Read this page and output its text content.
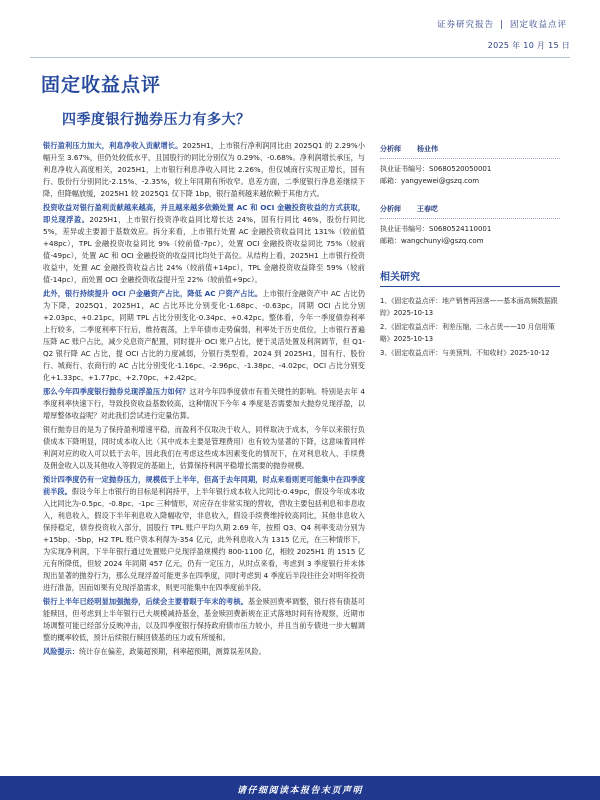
证券研究报告 | 固定收益点评
2025 年 10 月 15 日
固定收益点评
四季度银行抛券压力有多大？

银行盈利压力加大，利息净收入贡献增长。2025H1，上市银行净利润同比由 2025Q1 的 2.29%小幅升至 3.67%，但仍处较低水平，且国股行的同比分别仅为 0.29%、-0.68%。净利润增长承压，与利息净收入高度相关，2025H1，上市银行利息净收入同比 2.26%，但仅城商行实现正增长，国有行、股份行分别同比-2.15%、-2.35%，较上年同期有所收窄。息差方面，二季度银行净息差继续下降，但降幅放缓，2025H1 较 2025Q1 仅下降 1bp，银行盈利越来越依赖于其他方式。

投资收益对银行盈利贡献越来越高，并且越来越多依赖处置 AC 和 OCI 金融投资收益的方式获取，即兑现浮盈。2025H1，上市银行投资净收益同比增长达 24%，国有行同比 46%，股份行同比 5%，差异或主要源于基数效应。拆分来看，上市银行处置 AC 金融投资收益同比 131%（较前值+48pc），TPL 金融投资收益同比 9%（较前值-7pc），处置 OCI 金融投资收益同比 75%（较前值-49pc），处置 AC 和 OCI 金融投资的收益同比均处于高位。从结构上看，2025H1 上市银行投资收益中，处置 AC 金融投资收益占比 24%（较前值+14pc），TPL 金融投资收益降至 59%（较前值-14pc），而处置 OCI 金融投资收益提升至 22%（较前值+9pc）。

此外，银行持续提升 OCI 户金融资产占比，降低 AC 户资产占比。上市银行金融资产中 AC 占比仍为下降，2025Q1、2025H1，AC 占比环比分别变化-1.68pc、-0.63pc，同期 OCI 占比分别+2.03pc、+0.21pc，同期 TPL 占比分别变化-0.34pc、+0.42pc。整体看，今年一季度债券利率上行较多，二季度利率下行后，维持震荡，上半年债市走势偏弱，利率处于历史低位，上市银行普遍压降 AC 账户占比，减少兑息资产配置，同时提升 OCI 账户占比，便于灵活处置及利润调节，但 Q1-Q2 银行降 AC 占比，提 OCI 占比的力度减弱，分银行类型看，2024 到 2025H1，国有行、股份行、城商行、农商行的 AC 占比分别变化-1.16pc、-2.96pc、-1.38pc、-4.02pc，OCI 占比分别变化+1.33pc、+1.77pc、+2.70pc、+2.42pc。

那么今年四季度银行抛券兑现浮盈压力如何？这对今年四季度债市有着关键性的影响。特别是去年 4 季度利率快速下行，导致投资收益基数较高，这种情况下今年 4 季度是否需要加大抛券兑现浮盈，以增厚整体收益呢？对此我们尝试进行定量估算。

银行抛券目的是为了保持盈利增速平稳，而盈利不仅取决于收入，同样取决于成本，今年以来银行负债成本下降明显，同时成本收入比（其中成本主要是管理费用）也有较为显著的下降，这意味着同样利润对应的收入可以低于去年，因此我们在考虑这些成本因素变化的情况下，在对利息收入、手续费及佣金收入以及其他收入等假定的基础上，估算保持利润平稳增长需要的抛券规模。

预计四季度仍有一定抛券压力，规模低于上半年，但高于去年同期，时点来看则更可能集中在四季度前半段。假设今年上市银行的目标是利润持平，上半年银行成本收入比同比-0.49pc，假设今年成本收入比同比为-0.5pc、-0.8pc、-1pc 三种情形，对应存在非常实现的营收，营收主要包括利息和非息收入，利息收入，假设下半年利息收入降幅收窄，非息收入，假设手续费维持较高同比，其他非息收入保持稳定，债券投资收入部分，国股行 TPL 账户平均久期 2.69 年，按照 Q3、Q4 利率变动分别为+15bp、-5bp，H2 TPL 账户资本利得为-354 亿元，此外利息收入为 1315 亿元，在三种情形下，为实现净利润，下半年银行通过处置账户兑现浮盈规模约 800-1100 亿，相较 2025H1 的 1515 亿元有所降低，但较 2024 年同期 457 亿元，仍有一定压力，从时点来看，考虑到 3 季度银行并未体现出显著的抛券行为，那么兑现浮盈可能更多在四季度，同时考虑到 4 季度后半段往往会对明年投资进行准备，因而如果有兑现浮盈需求，则更可能集中在四季度前半段。

银行上半年已经明显加强抛券，后续会主要着眼于年末的考核。基金赎回费率调整，银行将有债基可能赎回，但考虑到上半年银行已大规模减持基金，基金赎回费新规在正式落地时间有待观察，近期市场调整可能已经部分反映冲击，以及四季度银行保持政府债市压力较小，并且当前专债进一步大幅调整的概率较低，预计后续银行赎回债基的压力或有所缓和。

风险提示：统计存在偏差，政策超预期，利率超预期，测算误差风险。

分析师 杨业伟
执业证书编号：S0680520050001
邮箱：yangyewei@gszq.com
分析师 王春呓
执业证书编号：S0680524110001
邮箱：wangchunyi@gszq.com
相关研究
1、《固定收益点评：地产销售再回落——基本面高频数据跟踪》2025-10-13
2、《固定收益点评：利差压缩，二永占优——10 月信用策略》2025-10-13
3、《固定收益点评：与美预判、不知收时》2025-10-12
请仔细阅读本报告末页声明
